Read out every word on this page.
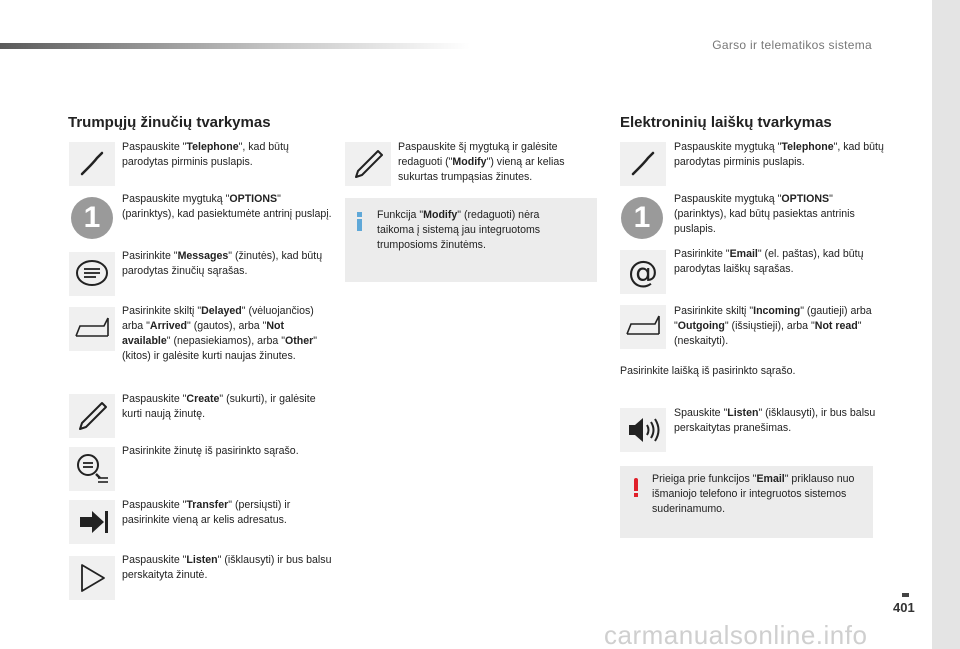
Garso ir telematikos sistema
Trumpųjų žinučių tvarkymas
Paspauskite "Telephone", kad būtų parodytas pirminis puslapis.
1
Paspauskite mygtuką "OPTIONS" (parinktys), kad pasiektumėte antrinį puslapį.
Pasirinkite "Messages" (žinutės), kad būtų parodytas žinučių sąrašas.
Pasirinkite skiltį "Delayed" (vėluojančios) arba "Arrived" (gautos), arba "Not available" (nepasiekiamos), arba "Other" (kitos) ir galėsite kurti naujas žinutes.
Paspauskite "Create" (sukurti), ir galėsite kurti naują žinutę.
Pasirinkite žinutę iš pasirinkto sąrašo.
Paspauskite "Transfer" (persiųsti) ir pasirinkite vieną ar kelis adresatus.
Paspauskite "Listen" (išklausyti) ir bus balsu perskaityta žinutė.
Paspauskite šį mygtuką ir galėsite redaguoti ("Modify") vieną ar kelias sukurtas trumpąsias žinutes.
Funkcija "Modify" (redaguoti) nėra taikoma į sistemą jau integruotoms trumposioms žinutėms.
Elektroninių laiškų tvarkymas
Paspauskite mygtuką "Telephone", kad būtų parodytas pirminis puslapis.
1
Paspauskite mygtuką "OPTIONS" (parinktys), kad būtų pasiektas antrinis puslapis.
@
Pasirinkite "Email" (el. paštas), kad būtų parodytas laiškų sąrašas.
Pasirinkite skiltį "Incoming" (gautieji) arba "Outgoing" (išsiųstieji), arba "Not read" (neskaityti).
Pasirinkite laišką iš pasirinkto sąrašo.
Spauskite "Listen" (išklausyti), ir bus balsu perskaitytas pranešimas.
Prieiga prie funkcijos "Email" priklauso nuo išmaniojo telefono ir integruotos sistemos suderinamumo.
401
carmanualsonline.info
